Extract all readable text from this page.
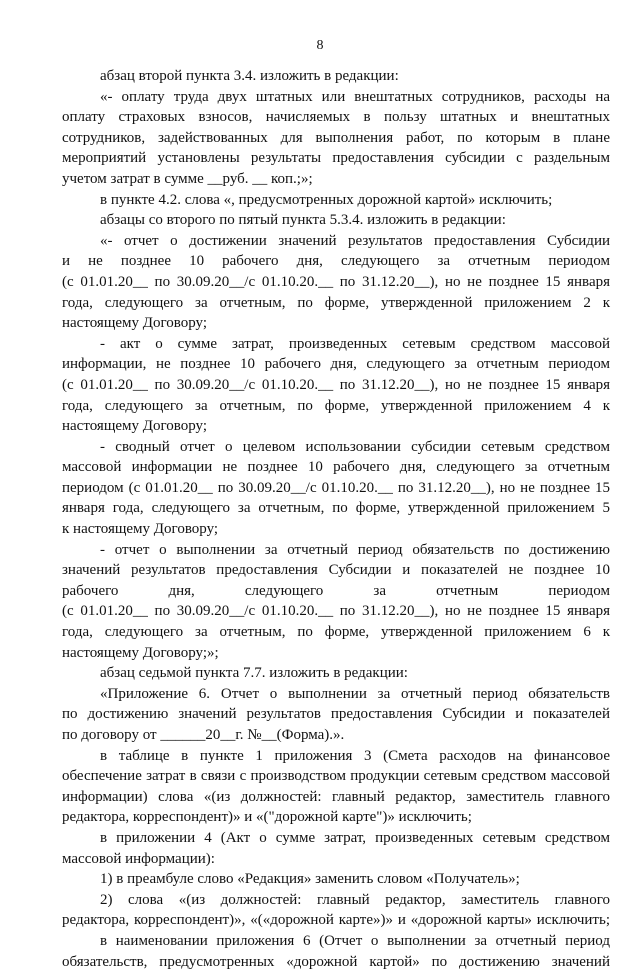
8
абзац второй пункта 3.4. изложить в редакции:
«- оплату труда двух штатных или внештатных сотрудников, расходы на
оплату страховых взносов, начисляемых в пользу штатных и внештатных
сотрудников, задействованных для выполнения работ, по которым в плане
мероприятий установлены результаты предоставления субсидии с раздельным
учетом затрат в сумме __руб. __ коп.;»;
в пункте 4.2. слова «, предусмотренных дорожной картой» исключить;
абзацы со второго по пятый пункта 5.3.4. изложить в редакции:
«- отчет о достижении значений результатов предоставления Субсидии
и не позднее 10 рабочего дня, следующего за отчетным периодом
(с 01.01.20__ по 30.09.20__/с 01.10.20.__ по 31.12.20__), но не позднее 15 января
года, следующего за отчетным, по форме, утвержденной приложением 2 к
настоящему Договору;
- акт о сумме затрат, произведенных сетевым средством массовой
информации, не позднее 10 рабочего дня, следующего за отчетным периодом
(с 01.01.20__ по 30.09.20__/с 01.10.20.__ по 31.12.20__), но не позднее 15 января
года, следующего за отчетным, по форме, утвержденной приложением 4 к
настоящему Договору;
- сводный отчет о целевом использовании субсидии сетевым средством
массовой информации не позднее 10 рабочего дня, следующего за отчетным
периодом (с 01.01.20__ по 30.09.20__/с 01.10.20.__ по 31.12.20__), но не позднее 15
января года, следующего за отчетным, по форме, утвержденной приложением 5
к настоящему Договору;
- отчет о выполнении за отчетный период обязательств по достижению
значений результатов предоставления Субсидии и показателей не позднее 10
рабочего дня, следующего за отчетным периодом
(с 01.01.20__ по 30.09.20__/с 01.10.20.__ по 31.12.20__), но не позднее 15 января
года, следующего за отчетным, по форме, утвержденной приложением 6 к
настоящему Договору;»;
абзац седьмой пункта 7.7. изложить в редакции:
«Приложение 6. Отчет о выполнении за отчетный период обязательств
по достижению значений результатов предоставления Субсидии и показателей
по договору от ______20__г. №__(Форма).».
в таблице в пункте 1 приложения 3 (Смета расходов на финансовое
обеспечение затрат в связи с производством продукции сетевым средством массовой
информации) слова «(из должностей: главный редактор, заместитель главного
редактора, корреспондент)» и «("дорожной карте")» исключить;
в приложении 4 (Акт о сумме затрат, произведенных сетевым средством
массовой информации):
1) в преамбуле слово «Редакция» заменить словом «Получатель»;
2) слова «(из должностей: главный редактор, заместитель главного
редактора, корреспондент)», «(«дорожной карте»)» и «дорожной карты» исключить;
в наименовании приложения 6 (Отчет о выполнении за отчетный период
обязательств, предусмотренных «дорожной картой» по достижению значений
